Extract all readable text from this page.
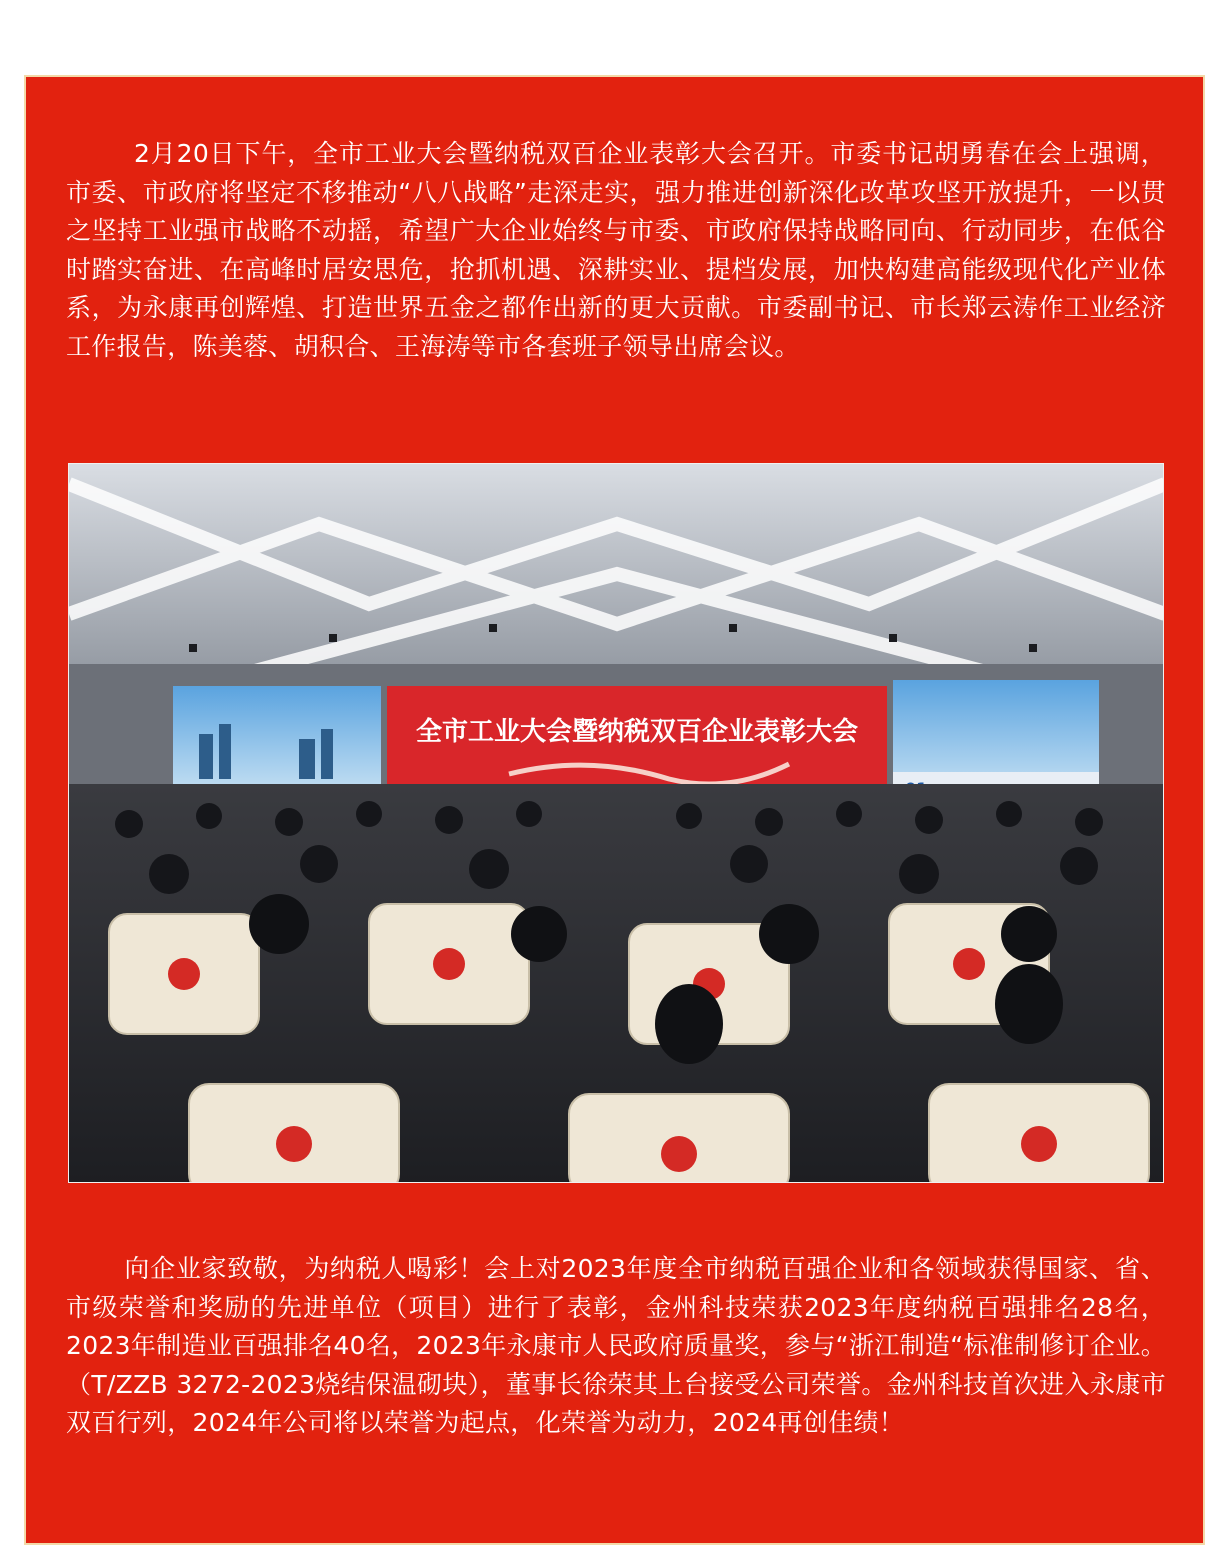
2月20日下午，全市工业大会暨纳税双百企业表彰大会召开。市委书记胡勇春在会上强调，市委、市政府将坚定不移推动“八八战略”走深走实，强力推进创新深化改革攻坚开放提升，一以贯之坚持工业强市战略不动摇，希望广大企业始终与市委、市政府保持战略同向、行动同步，在低谷时踏实奋进、在高峰时居安思危，抢抓机遇、深耕实业、提档发展，加快构建高能级现代化产业体系，为永康再创辉煌、打造世界五金之都作出新的更大贡献。市委副书记、市长郑云涛作工业经济工作报告，陈美蓉、胡积合、王海涛等市各套班子领导出席会议。

全市工业大会暨纳税双百企业表彰大会

向企业家致敬，为纳税人喝彩！会上对2023年度全市纳税百强企业和各领域获得国家、省、市级荣誉和奖励的先进单位（项目）进行了表彰，金州科技荣获2023年度纳税百强排名28名，2023年制造业百强排名40名，2023年永康市人民政府质量奖，参与“浙江制造“标准制修订企业。（T/ZZB 3272-2023烧结保温砌块），董事长徐荣其上台接受公司荣誉。金州科技首次进入永康市双百行列，2024年公司将以荣誉为起点，化荣誉为动力，2024再创佳绩！
